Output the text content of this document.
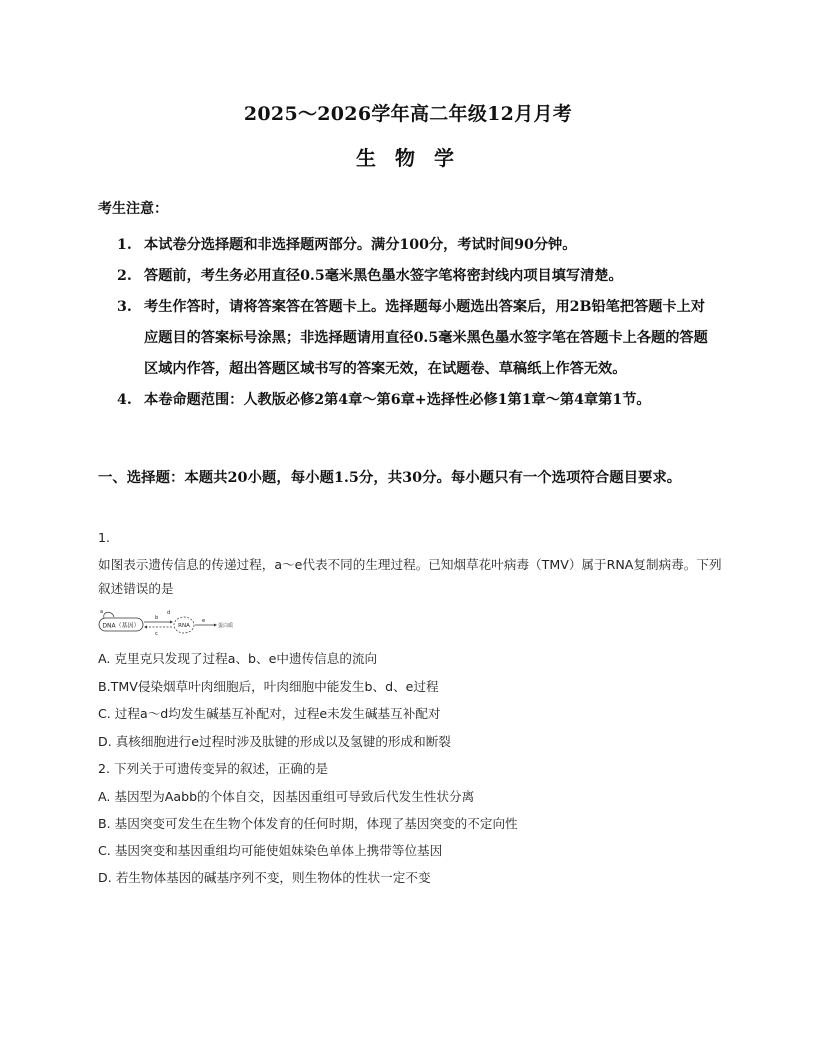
2025～2026学年高二年级12月月考
生 物 学
考生注意：
1. 本试卷分选择题和非选择题两部分。满分100分，考试时间90分钟。
2. 答题前，考生务必用直径0.5毫米黑色墨水签字笔将密封线内项目填写清楚。
3. 考生作答时，请将答案答在答题卡上。选择题每小题选出答案后，用2B铅笔把答题卡上对应题目的答案标号涂黑；非选择题请用直径0.5毫米黑色墨水签字笔在答题卡上各题的答题区域内作答，超出答题区域书写的答案无效，在试题卷、草稿纸上作答无效。
4. 本卷命题范围：人教版必修2第4章～第6章+选择性必修1第1章～第4章第1节。
一、选择题：本题共20小题，每小题1.5分，共30分。每小题只有一个选项符合题目要求。
1.
如图表示遗传信息的传递过程，a～e代表不同的生理过程。已知烟草花叶病毒（TMV）属于RNA复制病毒。下列叙述错误的是
DNA（基因）
a
b
c
RNA
d
e
蛋白质
A. 克里克只发现了过程a、b、e中遗传信息的流向
B.TMV侵染烟草叶肉细胞后，叶肉细胞中能发生b、d、e过程
C. 过程a～d均发生碱基互补配对，过程e未发生碱基互补配对
D. 真核细胞进行e过程时涉及肽键的形成以及氢键的形成和断裂
2. 下列关于可遗传变异的叙述，正确的是
A. 基因型为Aabb的个体自交，因基因重组可导致后代发生性状分离
B. 基因突变可发生在生物个体发育的任何时期，体现了基因突变的不定向性
C. 基因突变和基因重组均可能使姐妹染色单体上携带等位基因
D. 若生物体基因的碱基序列不变，则生物体的性状一定不变
